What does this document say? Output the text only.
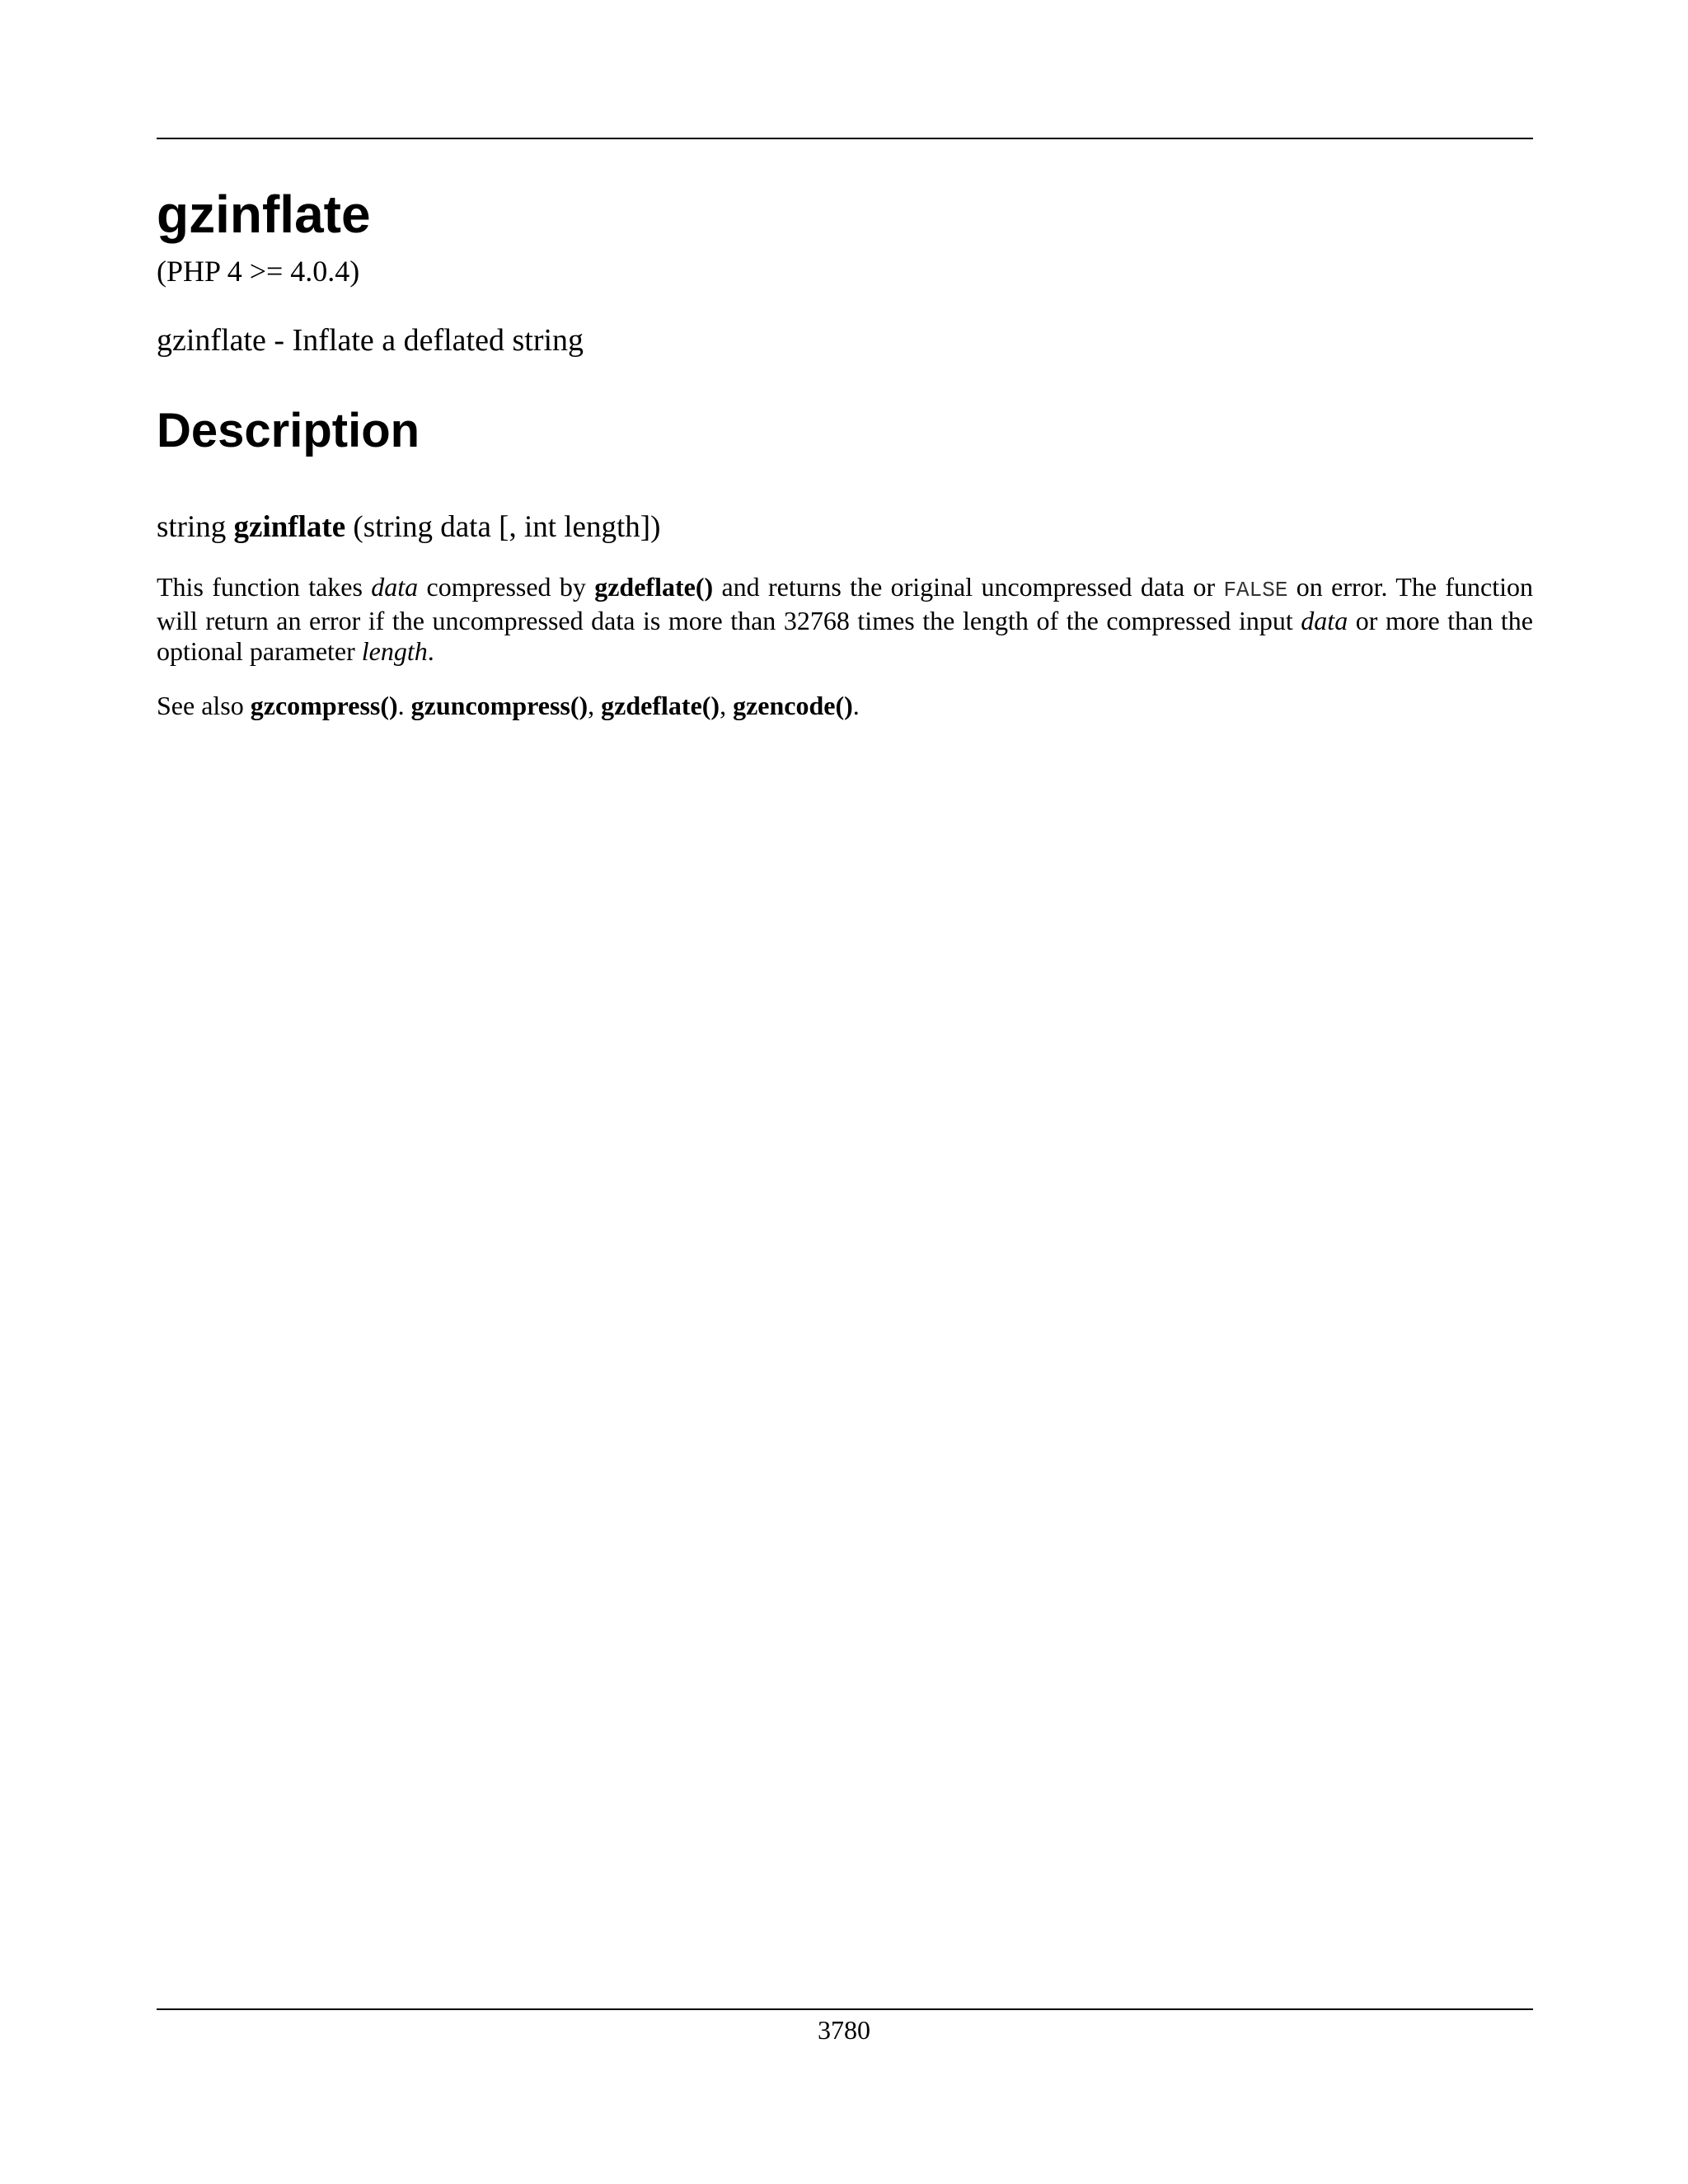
gzinflate
(PHP 4 >= 4.0.4)
gzinflate - Inflate a deflated string
Description
string gzinflate (string data [, int length])

This function takes data compressed by gzdeflate() and returns the original uncompressed data or FALSE on error. The function will return an error if the uncompressed data is more than 32768 times the length of the compressed input data or more than the optional parameter length.

See also gzcompress(). gzuncompress(), gzdeflate(), gzencode().

3780
